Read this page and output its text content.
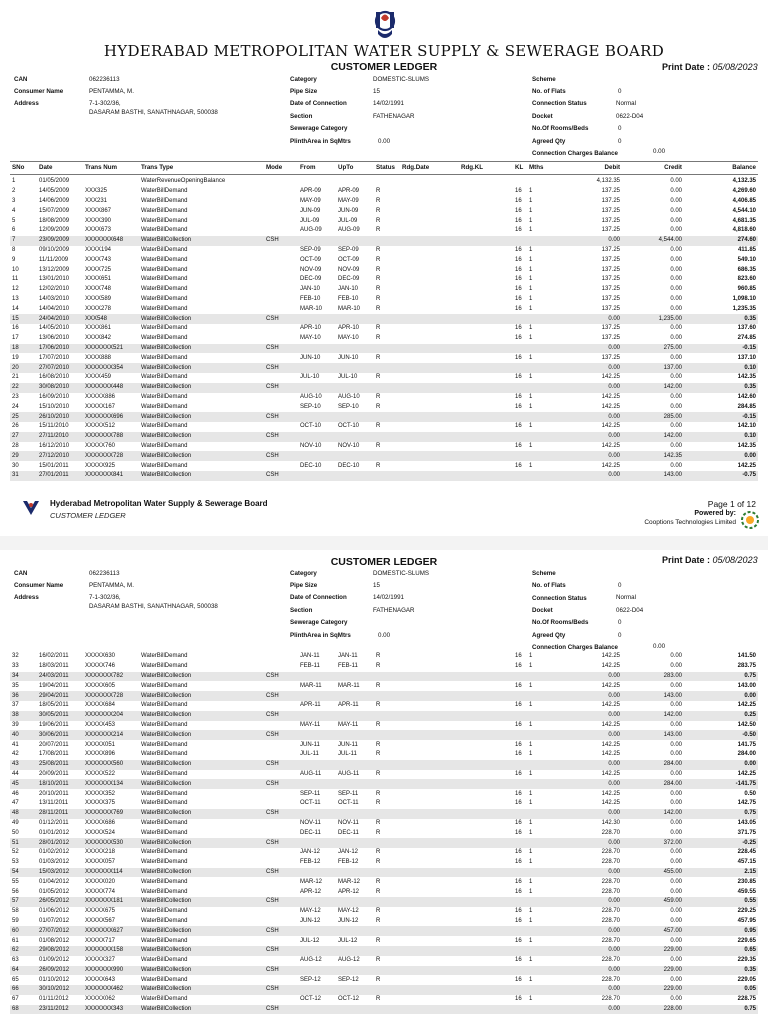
HYDERABAD METROPOLITAN WATER SUPPLY & SEWERAGE BOARD
CUSTOMER LEDGER	Print Date : 05/08/2023
CAN	062236113
Consumer Name	PENTAMMA, M.
Address	7-1-302/36,
DASARAM BASTHI, SANATHNAGAR, 500038
Category	DOMESTIC-SLUMS
Pipe Size	15
Date of Connection	14/02/1991
Section	FATHENAGAR
Sewerage Category
PlinthArea in SqMtrs	0.00
Scheme
No. of Flats	0
Connection Status	Normal
Docket	0622-D04
No.Of Rooms/Beds	0
Agreed Qty	0
Connection Charges Balance	0.00
SNo Date	Trans Num	Trans Type	Mode	From	UpTo	Status Rdg.Date	Rdg.KL	KL Mths	Debit	Credit	Balance
1	01/05/2009	WaterRevenueOpeningBalance	4,132.35	0.00	4,132.35
2	14/05/2009	XXX325	WaterBillDemand	APR-09	APR-09	R	16 1	137.25	0.00	4,269.60
3	14/06/2009	XXX231	WaterBillDemand	MAY-09	MAY-09	R	16 1	137.25	0.00	4,406.85
4	15/07/2009	XXXX867	WaterBillDemand	JUN-09	JUN-09	R	16 1	137.25	0.00	4,544.10
5	18/08/2009	XXXX390	WaterBillDemand	JUL-09	JUL-09	R	16 1	137.25	0.00	4,681.35
6	12/09/2009	XXXX673	WaterBillDemand	AUG-09	AUG-09	R	16 1	137.25	0.00	4,818.60
7	23/09/2009	XXXXXXX648	WaterBillCollection	CSH	0.00	4,544.00	274.60
8	09/10/2009	XXXX194	WaterBillDemand	SEP-09	SEP-09	R	16 1	137.25	0.00	411.85
9	11/11/2009	XXXX743	WaterBillDemand	OCT-09	OCT-09	R	16 1	137.25	0.00	549.10
10	13/12/2009	XXXX725	WaterBillDemand	NOV-09	NOV-09	R	16 1	137.25	0.00	686.35
11	13/01/2010	XXXX651	WaterBillDemand	DEC-09	DEC-09	R	16 1	137.25	0.00	823.60
12	12/02/2010	XXXX748	WaterBillDemand	JAN-10	JAN-10	R	16 1	137.25	0.00	960.85
13	14/03/2010	XXXX589	WaterBillDemand	FEB-10	FEB-10	R	16 1	137.25	0.00	1,098.10
14	14/04/2010	XXXX278	WaterBillDemand	MAR-10	MAR-10	R	16 1	137.25	0.00	1,235.35
15	24/04/2010	XXX548	WaterBillCollection	CSH	0.00	1,235.00	0.35
16	14/05/2010	XXXX861	WaterBillDemand	APR-10	APR-10	R	16 1	137.25	0.00	137.60
17	13/06/2010	XXXX842	WaterBillDemand	MAY-10	MAY-10	R	16 1	137.25	0.00	274.85
18	17/06/2010	XXXXXXX521	WaterBillCollection	CSH	0.00	275.00	-0.15
19	17/07/2010	XXXX888	WaterBillDemand	JUN-10	JUN-10	R	16 1	137.25	0.00	137.10
20	27/07/2010	XXXXXXX354	WaterBillCollection	CSH	0.00	137.00	0.10
21	16/08/2010	XXXX459	WaterBillDemand	JUL-10	JUL-10	R	16 1	142.25	0.00	142.35
22	30/08/2010	XXXXXXX448	WaterBillCollection	CSH	0.00	142.00	0.35
23	16/09/2010	XXXXX886	WaterBillDemand	AUG-10	AUG-10	R	16 1	142.25	0.00	142.60
24	15/10/2010	XXXXX167	WaterBillDemand	SEP-10	SEP-10	R	16 1	142.25	0.00	284.85
25	26/10/2010	XXXXXXX696	WaterBillCollection	CSH	0.00	285.00	-0.15
26	15/11/2010	XXXXX512	WaterBillDemand	OCT-10	OCT-10	R	16 1	142.25	0.00	142.10
27	27/11/2010	XXXXXXX788	WaterBillCollection	CSH	0.00	142.00	0.10
28	16/12/2010	XXXXX760	WaterBillDemand	NOV-10	NOV-10	R	16 1	142.25	0.00	142.35
29	27/12/2010	XXXXXXX728	WaterBillCollection	CSH	0.00	142.35	0.00
30	15/01/2011	XXXXX925	WaterBillDemand	DEC-10	DEC-10	R	16 1	142.25	0.00	142.25
31	27/01/2011	XXXXXXX841	WaterBillCollection	CSH	0.00	143.00	-0.75
Hyderabad Metropolitan Water Supply & Sewerage Board
CUSTOMER LEDGER
Page 1 of 12
Powered by:
Cooptions Technologies Limited
CUSTOMER LEDGER	Print Date : 05/08/2023
CAN	062236113
Consumer Name	PENTAMMA, M.
Address	7-1-302/36,
DASARAM BASTHI, SANATHNAGAR, 500038
Category	DOMESTIC-SLUMS
Pipe Size	15
Date of Connection	14/02/1991
Section	FATHENAGAR
Sewerage Category
PlinthArea in SqMtrs	0.00
Scheme
No. of Flats	0
Connection Status	Normal
Docket	0622-D04
No.Of Rooms/Beds	0
Agreed Qty	0
Connection Charges Balance	0.00
32	16/02/2011	XXXXX630	WaterBillDemand	JAN-11	JAN-11	R	16 1	142.25	0.00	141.50
33	18/03/2011	XXXXX746	WaterBillDemand	FEB-11	FEB-11	R	16 1	142.25	0.00	283.75
34	24/03/2011	XXXXXXX782	WaterBillCollection	CSH	0.00	283.00	0.75
35	19/04/2011	XXXXX605	WaterBillDemand	MAR-11	MAR-11	R	16 1	142.25	0.00	143.00
36	29/04/2011	XXXXXXX728	WaterBillCollection	CSH	0.00	143.00	0.00
37	18/05/2011	XXXXX684	WaterBillDemand	APR-11	APR-11	R	16 1	142.25	0.00	142.25
38	30/05/2011	XXXXXXX204	WaterBillCollection	CSH	0.00	142.00	0.25
39	19/06/2011	XXXXX453	WaterBillDemand	MAY-11	MAY-11	R	16 1	142.25	0.00	142.50
40	30/06/2011	XXXXXXX214	WaterBillCollection	CSH	0.00	143.00	-0.50
41	20/07/2011	XXXXX051	WaterBillDemand	JUN-11	JUN-11	R	16 1	142.25	0.00	141.75
42	17/08/2011	XXXXX896	WaterBillDemand	JUL-11	JUL-11	R	16 1	142.25	0.00	284.00
43	25/08/2011	XXXXXXX560	WaterBillCollection	CSH	0.00	284.00	0.00
44	20/09/2011	XXXXX522	WaterBillDemand	AUG-11	AUG-11	R	16 1	142.25	0.00	142.25
45	18/10/2011	XXXXXXX134	WaterBillCollection	CSH	0.00	284.00	-141.75
46	20/10/2011	XXXXX352	WaterBillDemand	SEP-11	SEP-11	R	16 1	142.25	0.00	0.50
47	13/11/2011	XXXXX375	WaterBillDemand	OCT-11	OCT-11	R	16 1	142.25	0.00	142.75
48	28/11/2011	XXXXXXX769	WaterBillCollection	CSH	0.00	142.00	0.75
49	01/12/2011	XXXXX686	WaterBillDemand	NOV-11	NOV-11	R	16 1	142.30	0.00	143.05
50	01/01/2012	XXXXX524	WaterBillDemand	DEC-11	DEC-11	R	16 1	228.70	0.00	371.75
51	28/01/2012	XXXXXXX530	WaterBillCollection	CSH	0.00	372.00	-0.25
52	01/02/2012	XXXXX218	WaterBillDemand	JAN-12	JAN-12	R	16 1	228.70	0.00	228.45
53	01/03/2012	XXXXX057	WaterBillDemand	FEB-12	FEB-12	R	16 1	228.70	0.00	457.15
54	15/03/2012	XXXXXXX114	WaterBillCollection	CSH	0.00	455.00	2.15
55	01/04/2012	XXXXX020	WaterBillDemand	MAR-12	MAR-12	R	16 1	228.70	0.00	230.85
56	01/05/2012	XXXXX774	WaterBillDemand	APR-12	APR-12	R	16 1	228.70	0.00	459.55
57	26/05/2012	XXXXXXX181	WaterBillCollection	CSH	0.00	459.00	0.55
58	01/06/2012	XXXXX675	WaterBillDemand	MAY-12	MAY-12	R	16 1	228.70	0.00	229.25
59	01/07/2012	XXXXX567	WaterBillDemand	JUN-12	JUN-12	R	16 1	228.70	0.00	457.95
60	27/07/2012	XXXXXXX627	WaterBillCollection	CSH	0.00	457.00	0.95
61	01/08/2012	XXXXX717	WaterBillDemand	JUL-12	JUL-12	R	16 1	228.70	0.00	229.65
62	29/08/2012	XXXXXXX158	WaterBillCollection	CSH	0.00	229.00	0.65
63	01/09/2012	XXXXX327	WaterBillDemand	AUG-12	AUG-12	R	16 1	228.70	0.00	229.35
64	26/09/2012	XXXXXXX990	WaterBillCollection	CSH	0.00	229.00	0.35
65	01/10/2012	XXXXX643	WaterBillDemand	SEP-12	SEP-12	R	16 1	228.70	0.00	229.05
66	30/10/2012	XXXXXXX462	WaterBillCollection	CSH	0.00	229.00	0.05
67	01/11/2012	XXXXX062	WaterBillDemand	OCT-12	OCT-12	R	16 1	228.70	0.00	228.75
68	23/11/2012	XXXXXXX343	WaterBillCollection	CSH	0.00	228.00	0.75
